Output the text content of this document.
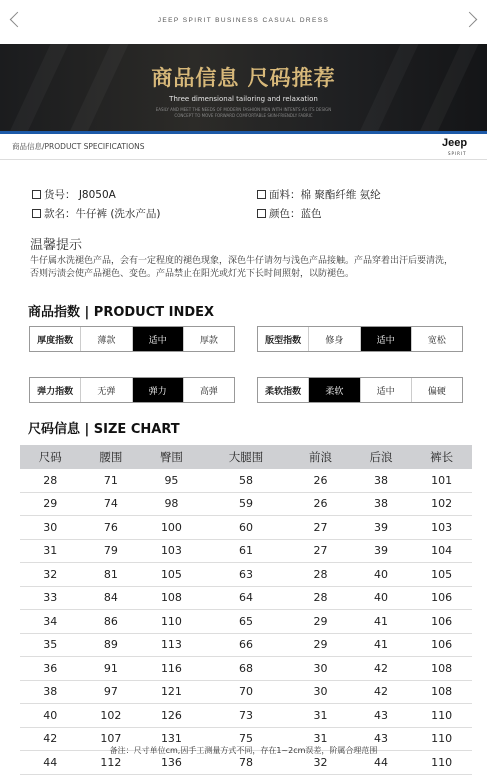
JEEP SPIRIT BUSINESS CASUAL DRESS
商品信息 尺码推荐
Three dimensional tailoring and relaxation
EASILY AND MEET THE NEEDS OF MODERN FASHION MEN WITH INTENTS AS ITS DESIGN CONCEPT TO MOVE FORWARD COMFORTABLE SKIN-FRIENDLY FABRIC
商品信息/PRODUCT SPECIFICATIONS	Jeep
SPIRIT
货号： J8050A	面料：棉 聚酯纤维 氨纶
款名：牛仔裤 (洗水产品)	颜色：蓝色
温馨提示
牛仔属水洗褪色产品，会有一定程度的褪色现象，深色牛仔请勿与浅色产品接触。产品穿着出汗后要清洗，否则污渍会使产品褪色、变色。产品禁止在阳光或灯光下长时间照射，以防褪色。
商品指数 | PRODUCT INDEX
厚度指数	薄款	适中	厚款	版型指数	修身	适中	宽松
弹力指数	无弹	弹力	高弹	柔软指数	柔软	适中	偏硬
尺码信息 | SIZE CHART
尺码	腰围	臀围	大腿围	前浪	后浪	裤长
28	71	95	58	26	38	101
29	74	98	59	26	38	102
30	76	100	60	27	39	103
31	79	103	61	27	39	104
32	81	105	63	28	40	105
33	84	108	64	28	40	106
34	86	110	65	29	41	106
35	89	113	66	29	41	106
36	91	116	68	30	42	108
38	97	121	70	30	42	108
40	102	126	73	31	43	110
42	107	131	75	31	43	110
44	112	136	78	32	44	110
备注：尺寸单位cm,因手工测量方式不同，存在1~2cm误差，阶属合理范围
